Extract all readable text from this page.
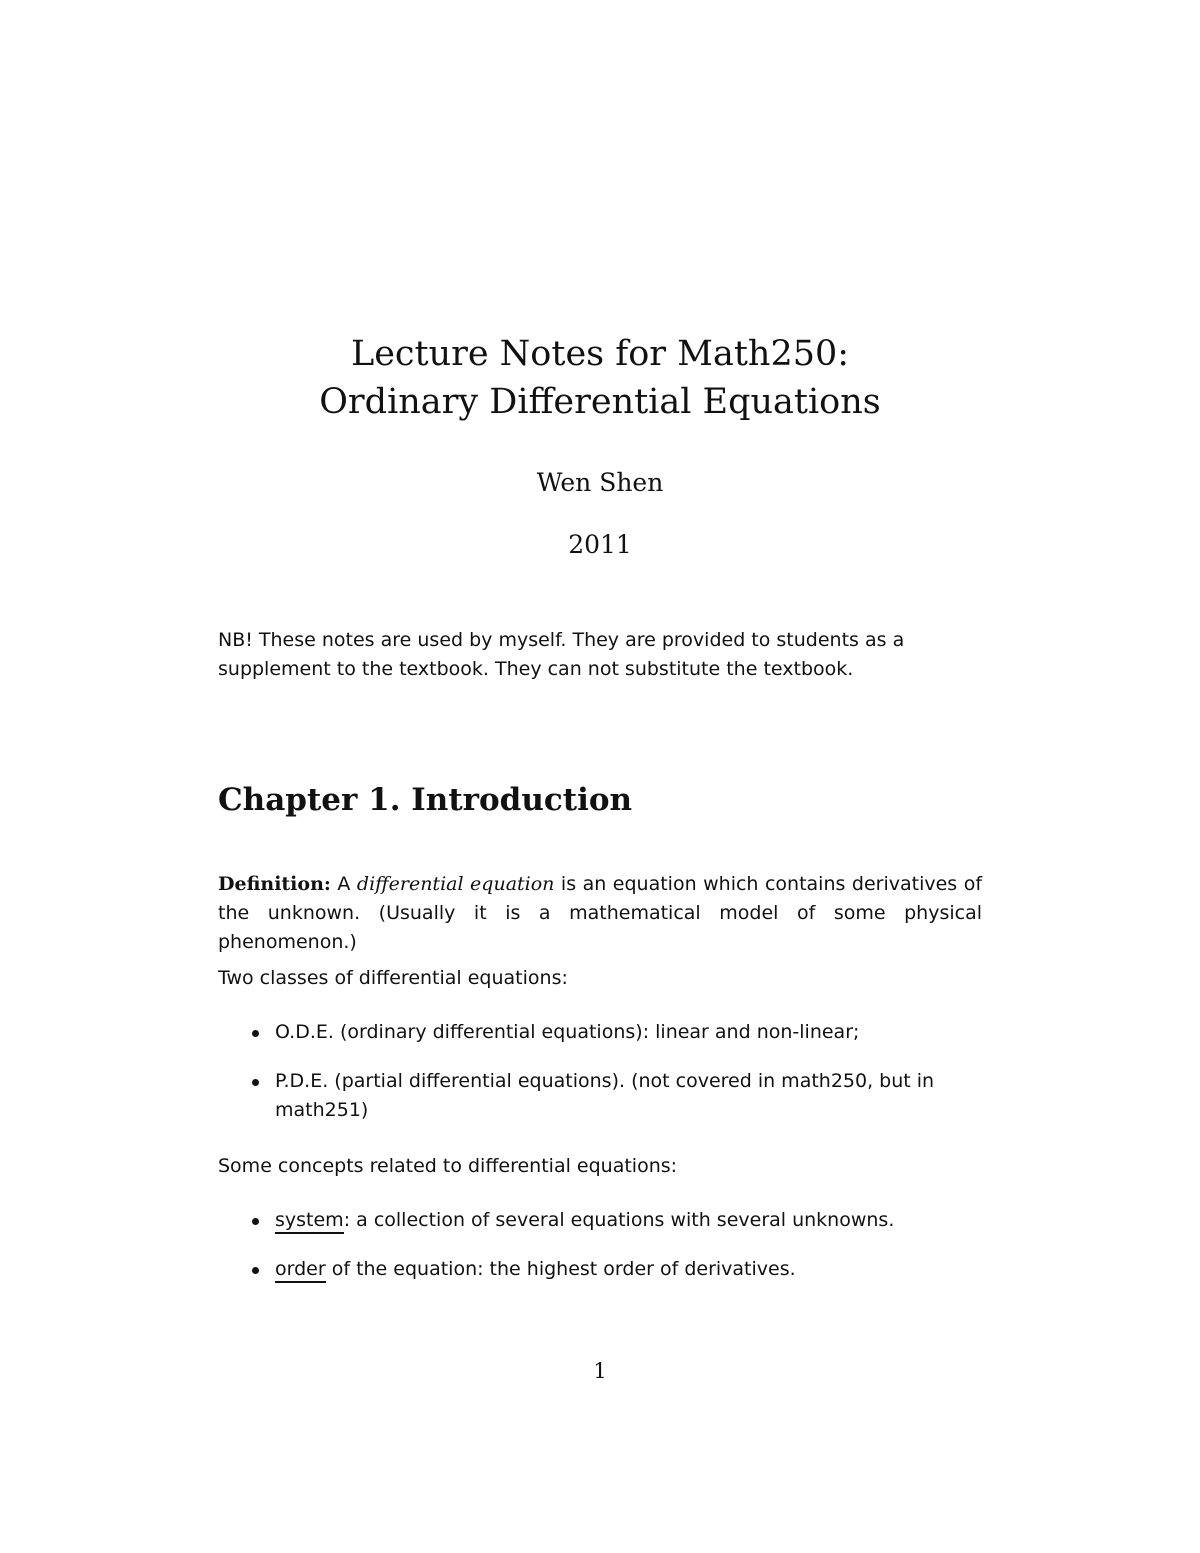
Lecture Notes for Math250:
Ordinary Differential Equations
Wen Shen
2011

NB! These notes are used by myself. They are provided to students as a

supplement to the textbook. They can not substitute the textbook.

Chapter 1. Introduction
Definition: A differential equation is an equation which contains derivatives of the unknown. (Usually it is a mathematical model of some physical phenomenon.)
Two classes of differential equations:
O.D.E. (ordinary differential equations): linear and non-linear;
P.D.E. (partial differential equations). (not covered in math250, but in math251)
Some concepts related to differential equations:
system: a collection of several equations with several unknowns.
order of the equation: the highest order of derivatives.
1
